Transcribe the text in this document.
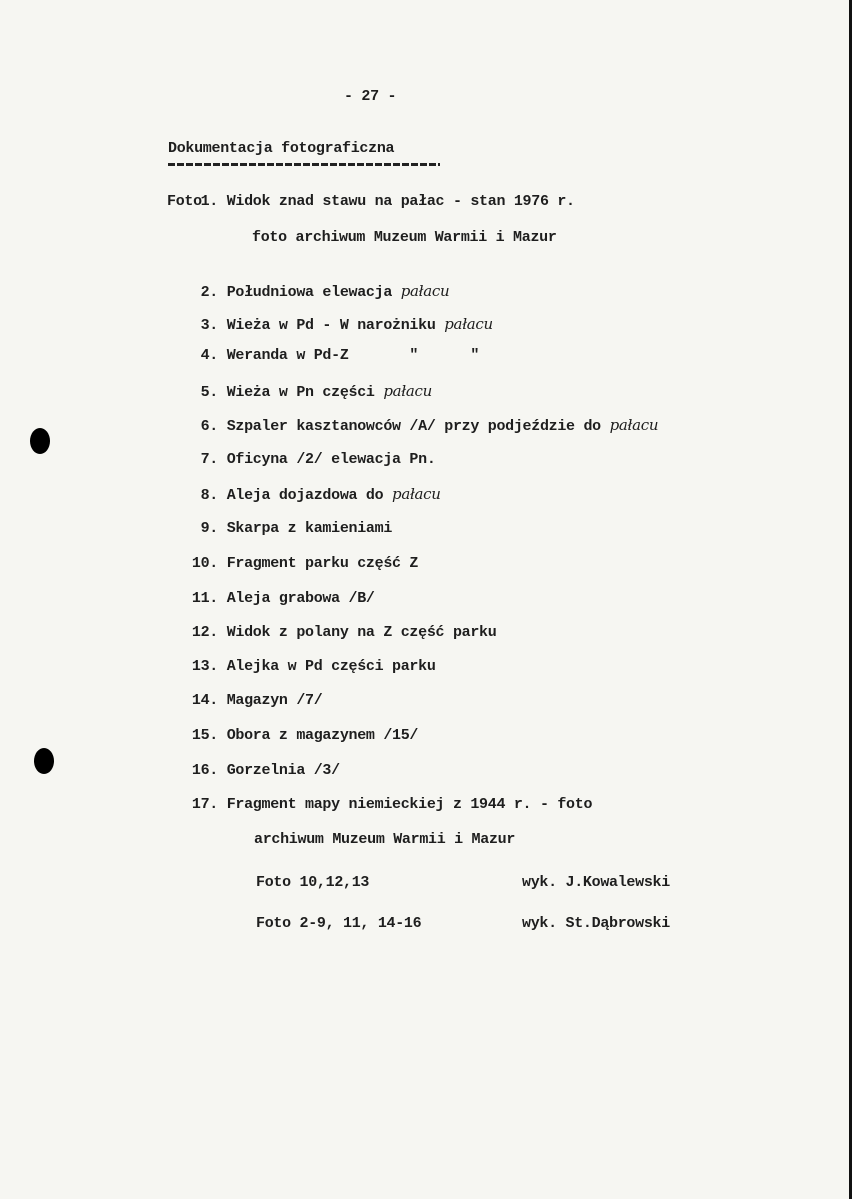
- 27 -
Dokumentacja fotograficzna
Foto
1. Widok znad stawu na pałac - stan 1976 r.
foto archiwum Muzeum Warmii i Mazur
2. Południowa elewacja pałacu
3. Wieża w Pd - W narożniku pałacu
4. Weranda w Pd-Z       "      "
5. Wieża w Pn części pałacu
6. Szpaler kasztanowców /A/ przy podjeździe do pałacu
7. Oficyna /2/ elewacja Pn.
8. Aleja dojazdowa do pałacu
9. Skarpa z kamieniami
10. Fragment parku część Z
11. Aleja grabowa /B/
12. Widok z polany na Z część parku
13. Alejka w Pd części parku
14. Magazyn /7/
15. Obora z magazynem /15/
16. Gorzelnia /3/
17. Fragment mapy niemieckiej z 1944 r. - foto
archiwum Muzeum Warmii i Mazur
Foto 10,12,13	wyk. J.Kowalewski
Foto 2-9, 11, 14-16	wyk. St.Dąbrowski
